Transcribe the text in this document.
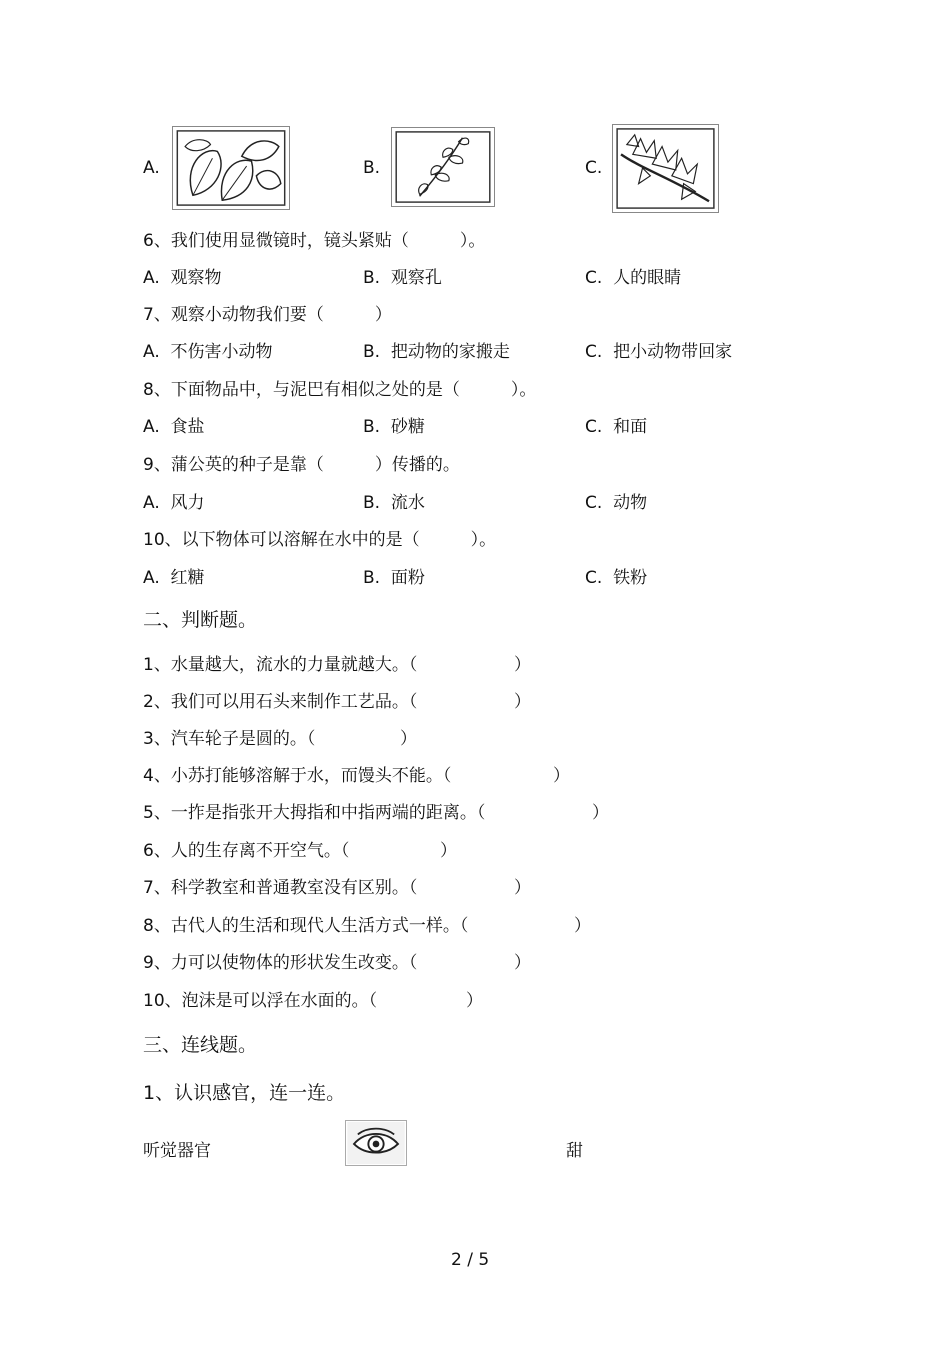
A.	B.	C.
6、我们使用显微镜时，镜头紧贴（　　　）。
A. 观察物	B. 观察孔	C. 人的眼睛
7、观察小动物我们要（　　　）
A. 不伤害小动物	B. 把动物的家搬走	C. 把小动物带回家
8、下面物品中，与泥巴有相似之处的是（　　　）。
A. 食盐	B. 砂糖	C. 和面
9、蒲公英的种子是靠（　　　）传播的。
A. 风力	B. 流水	C. 动物
10、以下物体可以溶解在水中的是（　　　）。
A. 红糖	B. 面粉	C. 铁粉
二、判断题。
1、水量越大，流水的力量就越大。（	）
2、我们可以用石头来制作工艺品。（	）
3、汽车轮子是圆的。（	）
4、小苏打能够溶解于水，而馒头不能。（	）
5、一拃是指张开大拇指和中指两端的距离。（	）
6、人的生存离不开空气。（	）
7、科学教室和普通教室没有区别。（	）
8、古代人的生活和现代人生活方式一样。（	）
9、力可以使物体的形状发生改变。（	）
10、泡沫是可以浮在水面的。（	）
三、连线题。
1、认识感官，连一连。
听觉器官	甜
2 / 5
